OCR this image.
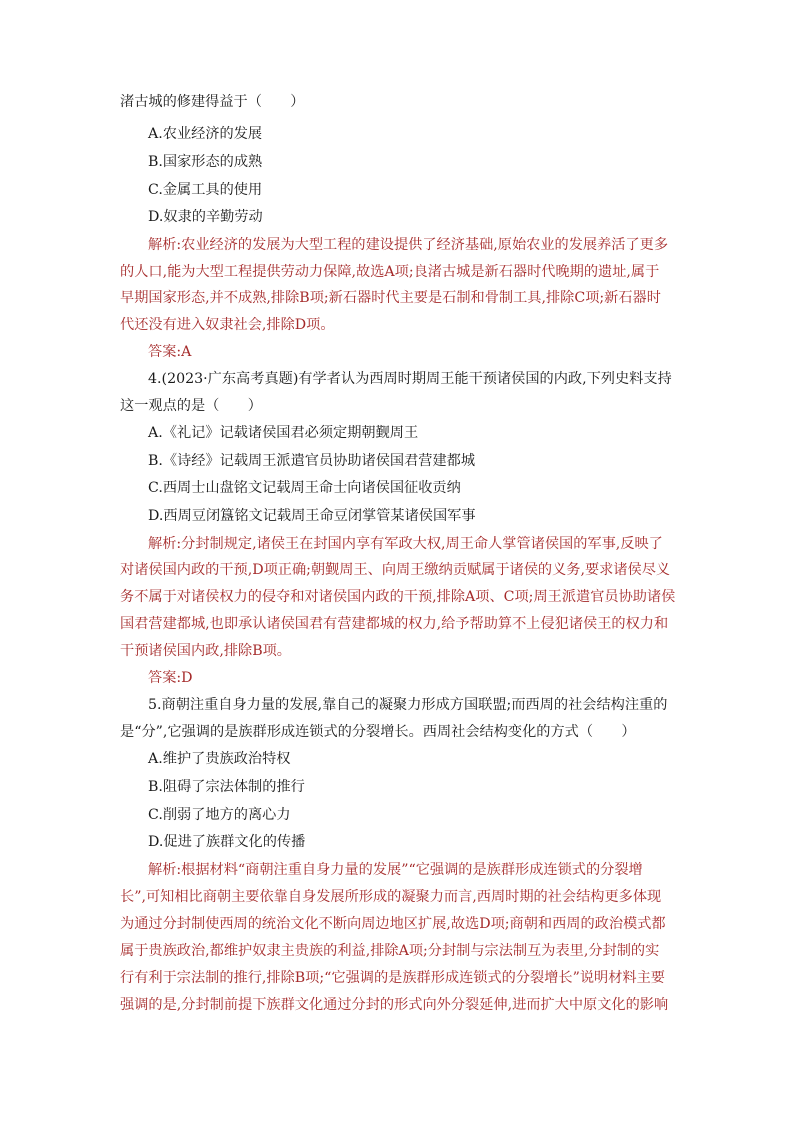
渚古城的修建得益于（　　）
A.农业经济的发展
B.国家形态的成熟
C.金属工具的使用
D.奴隶的辛勤劳动
解析:农业经济的发展为大型工程的建设提供了经济基础,原始农业的发展养活了更多
的人口,能为大型工程提供劳动力保障,故选A项;良渚古城是新石器时代晚期的遗址,属于
早期国家形态,并不成熟,排除B项;新石器时代主要是石制和骨制工具,排除C项;新石器时
代还没有进入奴隶社会,排除D项。
答案:A
4.(2023·广东高考真题)有学者认为西周时期周王能干预诸侯国的内政,下列史料支持
这一观点的是（　　）
A.《礼记》记载诸侯国君必须定期朝觐周王
B.《诗经》记载周王派遣官员协助诸侯国君营建都城
C.西周士山盘铭文记载周王命士向诸侯国征收贡纳
D.西周豆闭簋铭文记载周王命豆闭掌管某诸侯国军事
解析:分封制规定,诸侯王在封国内享有军政大权,周王命人掌管诸侯国的军事,反映了
对诸侯国内政的干预,D项正确;朝觐周王、向周王缴纳贡赋属于诸侯的义务,要求诸侯尽义
务不属于对诸侯权力的侵夺和对诸侯国内政的干预,排除A项、C项;周王派遣官员协助诸侯
国君营建都城,也即承认诸侯国君有营建都城的权力,给予帮助算不上侵犯诸侯王的权力和
干预诸侯国内政,排除B项。
答案:D
5.商朝注重自身力量的发展,靠自己的凝聚力形成方国联盟;而西周的社会结构注重的
是“分”,它强调的是族群形成连锁式的分裂增长。西周社会结构变化的方式（　　）
A.维护了贵族政治特权
B.阻碍了宗法体制的推行
C.削弱了地方的离心力
D.促进了族群文化的传播
解析:根据材料“商朝注重自身力量的发展”“它强调的是族群形成连锁式的分裂增
长”,可知相比商朝主要依靠自身发展所形成的凝聚力而言,西周时期的社会结构更多体现
为通过分封制使西周的统治文化不断向周边地区扩展,故选D项;商朝和西周的政治模式都
属于贵族政治,都维护奴隶主贵族的利益,排除A项;分封制与宗法制互为表里,分封制的实
行有利于宗法制的推行,排除B项;“它强调的是族群形成连锁式的分裂增长”说明材料主要
强调的是,分封制前提下族群文化通过分封的形式向外分裂延伸,进而扩大中原文化的影响
